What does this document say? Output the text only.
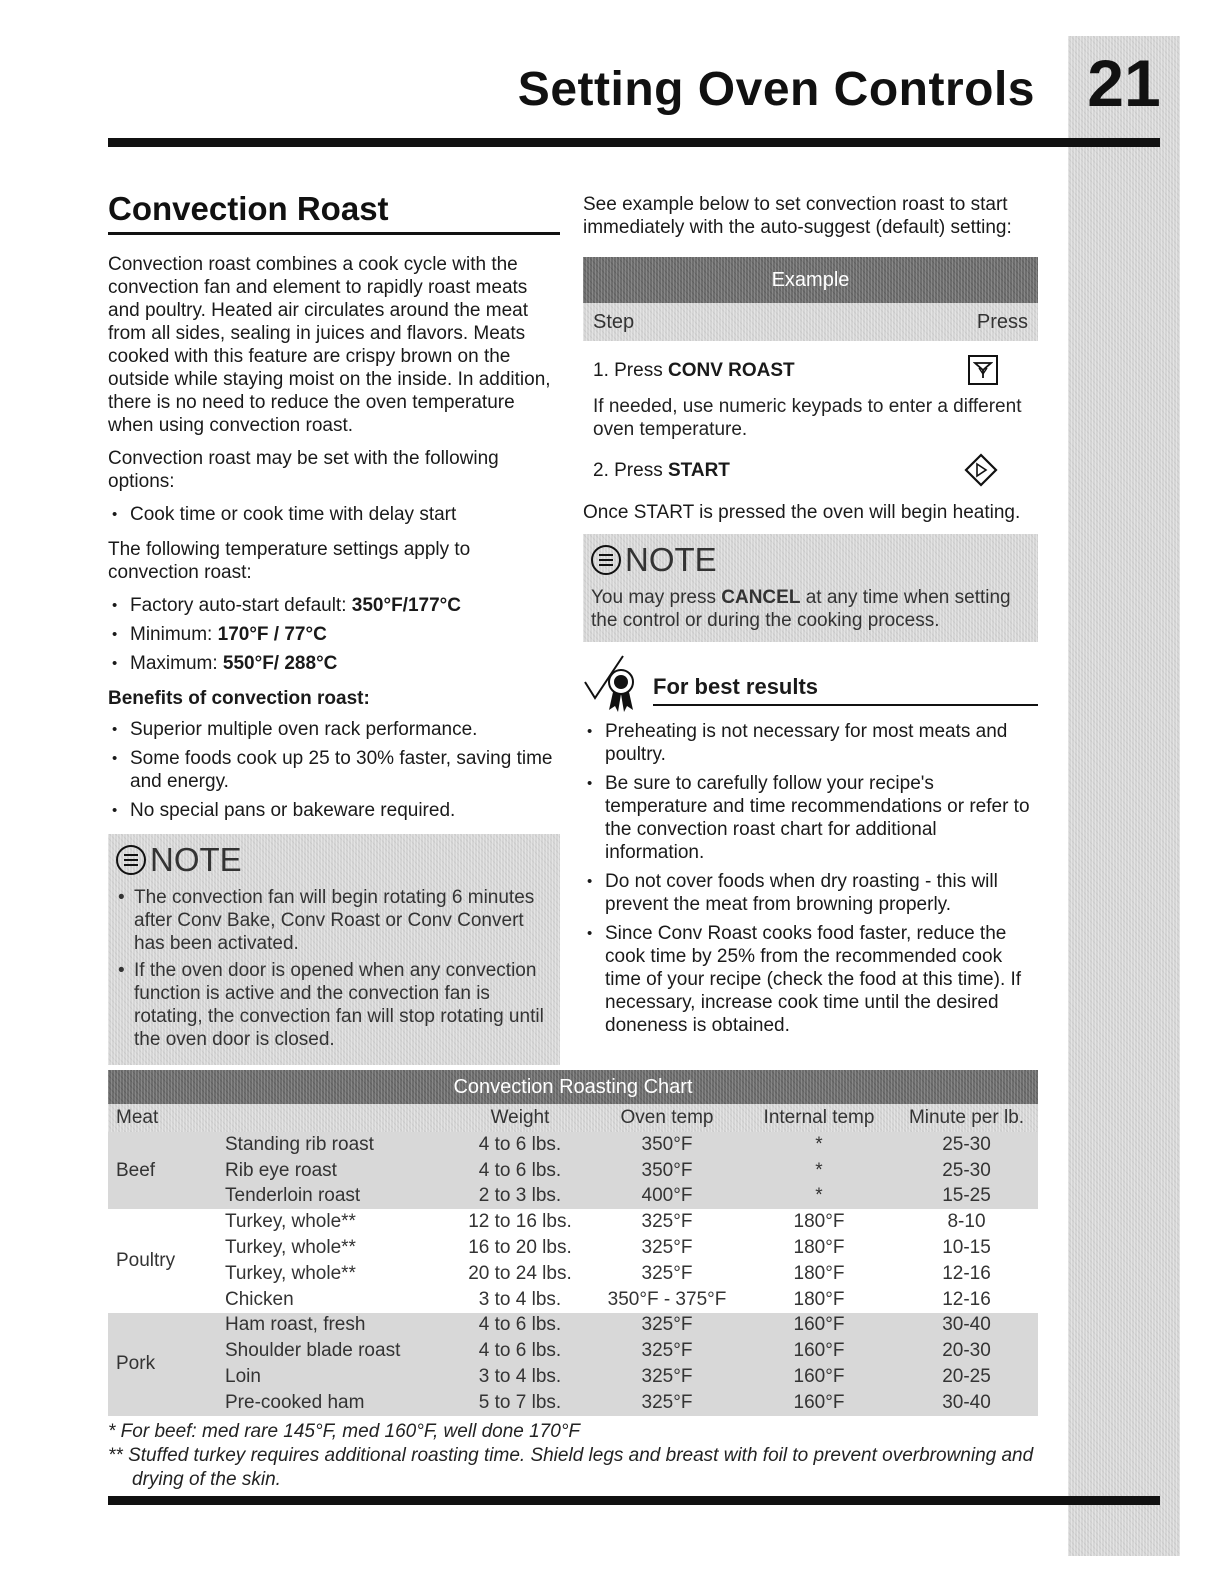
21
Setting Oven Controls
Convection Roast

Convection roast combines a cook cycle with the convection fan and element to rapidly roast meats and poultry. Heated air circulates around the meat from all sides, sealing in juices and flavors. Meats cooked with this feature are crispy brown on the outside while staying moist on the inside. In addition, there is no need to reduce the oven temperature when using convection roast.

Convection roast may be set with the following options:

• Cook time or cook time with delay start

The following temperature settings apply to convection roast:

• Factory auto-start default: 350°F/177°C
• Minimum: 170°F / 77°C
• Maximum: 550°F/ 288°C
Benefits of convection roast:
• Superior multiple oven rack performance.
• Some foods cook up 25 to 30% faster, saving time and energy.
• No special pans or bakeware required.
NOTE
• The convection fan will begin rotating 6 minutes after Conv Bake, Conv Roast or Conv Convert has been activated.
• If the oven door is opened when any convection function is active and the convection fan is rotating, the convection fan will stop rotating until the oven door is closed.

See example below to set convection roast to start immediately with the auto-suggest (default) setting:

Example
Step	Press
1. Press CONV ROAST
If needed, use numeric keypads to enter a different oven temperature.
2. Press START

Once START is pressed the oven will begin heating.

NOTE
You may press CANCEL at any time when setting the control or during the cooking process.
For best results
• Preheating is not necessary for most meats and poultry.
• Be sure to carefully follow your recipe's temperature and time recommendations or refer to the convection roast chart for additional information.
• Do not cover foods when dry roasting - this will prevent the meat from browning properly.
• Since Conv Roast cooks food faster, reduce the cook time by 25% from the recommended cook time of your recipe (check the food at this time). If necessary, increase cook time until the desired doneness is obtained.
Convection Roasting Chart
Meat		Weight	Oven temp	Internal temp	Minute per lb.
Beef	Standing rib roast	4 to 6 lbs.	350°F	*	25-30
	Rib eye roast	4 to 6 lbs.	350°F	*	25-30
	Tenderloin roast	2 to 3 lbs.	400°F	*	15-25
Poultry	Turkey, whole**	12 to 16 lbs.	325°F	180°F	8-10
	Turkey, whole**	16 to 20 lbs.	325°F	180°F	10-15
	Turkey, whole**	20 to 24 lbs.	325°F	180°F	12-16
	Chicken	3 to 4 lbs.	350°F - 375°F	180°F	12-16
Pork	Ham roast, fresh	4 to 6 lbs.	325°F	160°F	30-40
	Shoulder blade roast	4 to 6 lbs.	325°F	160°F	20-30
	Loin	3 to 4 lbs.	325°F	160°F	20-25
	Pre-cooked ham	5 to 7 lbs.	325°F	160°F	30-40

* For beef: med rare 145°F, med 160°F, well done 170°F

** Stuffed turkey requires additional roasting time. Shield legs and breast with foil to prevent overbrowning and drying of the skin.
